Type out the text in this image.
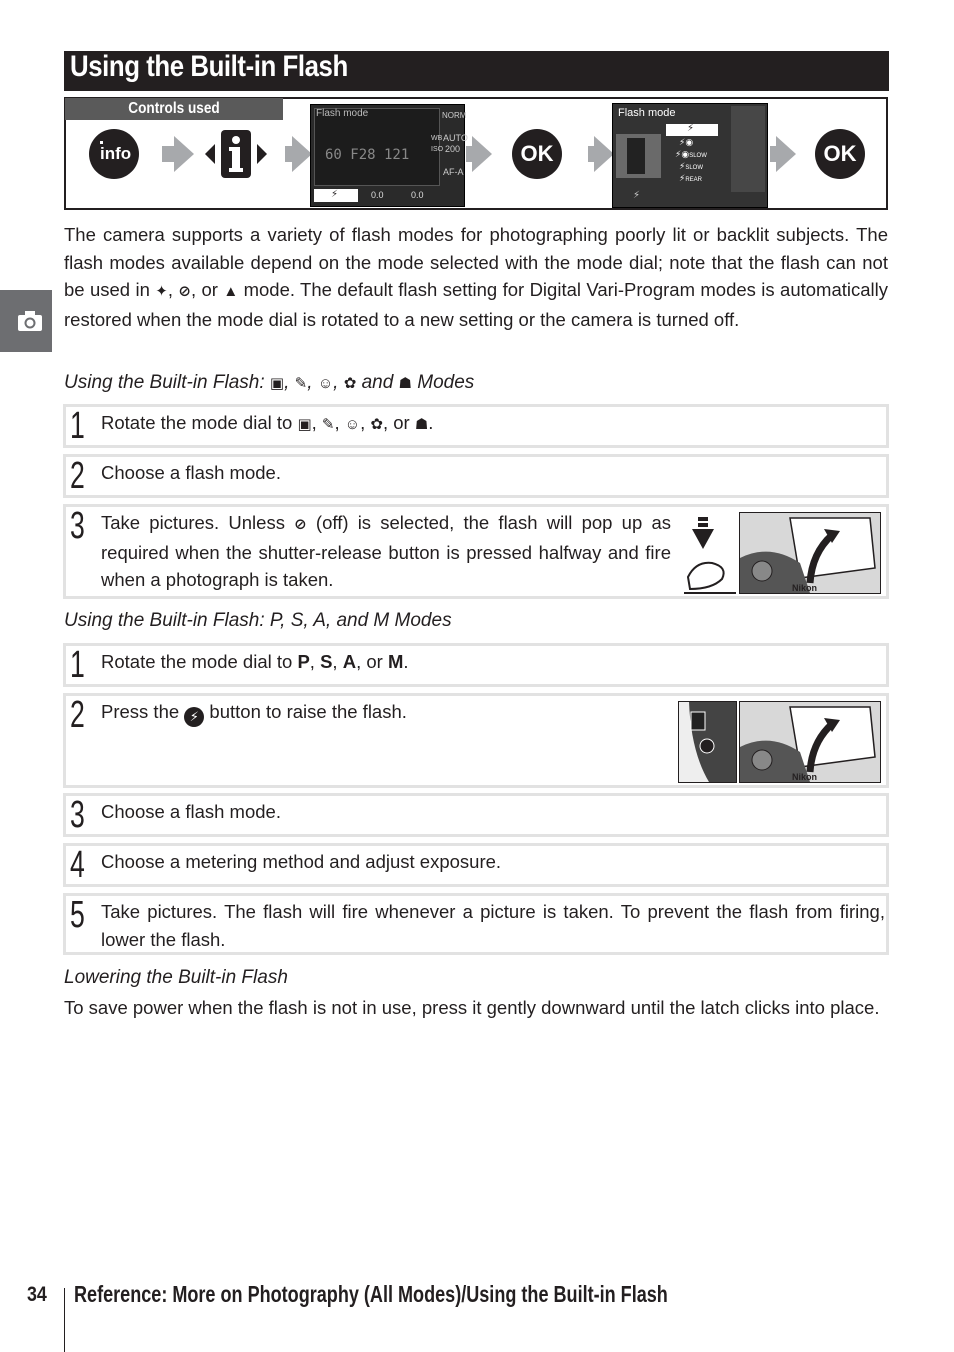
Using the Built-in Flash
Controls used
info
Flash mode
60 F28 121
NORM
WB AUTO
ISO 200
AF-A
⚡	0.0	0.0
OK
Flash mode
⚡
⚡◉
⚡◉SLOW
⚡SLOW
⚡REAR
⚡
OK
The camera supports a variety of flash modes for photographing poorly lit or backlit subjects. The flash modes available depend on the mode selected with the mode dial; note that the flash can not be used in ✦, ⊘, or ▲ mode. The default flash setting for Digital Vari-Program modes is automatically restored when the mode dial is rotated to a new setting or the camera is turned off.
Using the Built-in Flash: ▣, ✎, ☺, ✿ and ☗ Modes
1 Rotate the mode dial to ▣, ✎, ☺, ✿, or ☗.
2 Choose a flash mode.
3 Take pictures. Unless ⊘ (off) is selected, the flash will pop up as required when the shutter-release button is pressed halfway and fire when a photograph is taken.	Nikon
Using the Built-in Flash: P, S, A, and M Modes
1 Rotate the mode dial to P, S, A, or M.
2 Press the ⚡ button to raise the flash.
Nikon
3 Choose a flash mode.
4 Choose a metering method and adjust exposure.
5 Take pictures. The flash will fire whenever a picture is taken. To prevent the flash from firing, lower the flash.
Lowering the Built-in Flash
To save power when the flash is not in use, press it gently downward until the latch clicks into place.
34 Reference: More on Photography (All Modes)/Using the Built-in Flash
